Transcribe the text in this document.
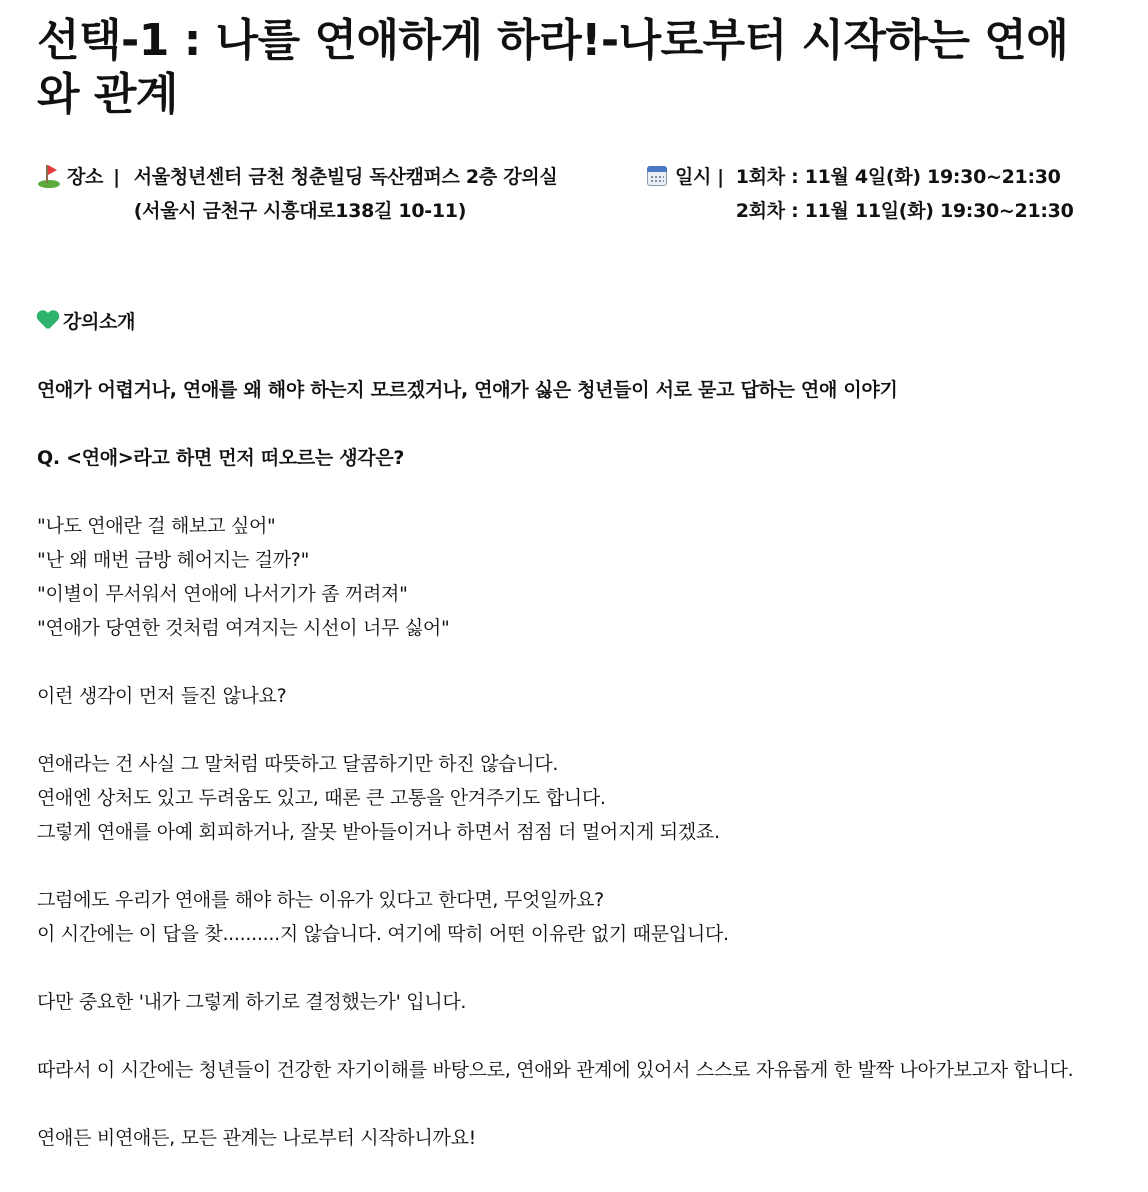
선택-1 : 나를 연애하게 하라!-나로부터 시작하는 연애와 관계
장소 | 서울청년센터 금천 청춘빌딩 독산캠퍼스 2층 강의실
(서울시 금천구 시흥대로138길 10-11)
일시 | 1회차 : 11월 4일(화) 19:30~21:30
2회차 : 11월 11일(화) 19:30~21:30
강의소개

연애가 어렵거나, 연애를 왜 해야 하는지 모르겠거나, 연애가 싫은 청년들이 서로 묻고 답하는 연애 이야기

Q. <연애>라고 하면 먼저 떠오르는 생각은?

"나도 연애란 걸 해보고 싶어"
"난 왜 매번 금방 헤어지는 걸까?"
"이별이 무서워서 연애에 나서기가 좀 꺼려져"
"연애가 당연한 것처럼 여겨지는 시선이 너무 싫어"

이런 생각이 먼저 들진 않나요?

연애라는 건 사실 그 말처럼 따뜻하고 달콤하기만 하진 않습니다.
연애엔 상처도 있고 두려움도 있고, 때론 큰 고통을 안겨주기도 합니다.
그렇게 연애를 아예 회피하거나, 잘못 받아들이거나 하면서 점점 더 멀어지게 되겠죠.
그럼에도 우리가 연애를 해야 하는 이유가 있다고 한다면, 무엇일까요?
이 시간에는 이 답을 찾..........지 않습니다. 여기에 딱히 어떤 이유란 없기 때문입니다.

다만 중요한 '내가 그렇게 하기로 결정했는가' 입니다.

따라서 이 시간에는 청년들이 건강한 자기이해를 바탕으로, 연애와 관계에 있어서 스스로 자유롭게 한 발짝 나아가보고자 합니다.

연애든 비연애든, 모든 관계는 나로부터 시작하니까요!
